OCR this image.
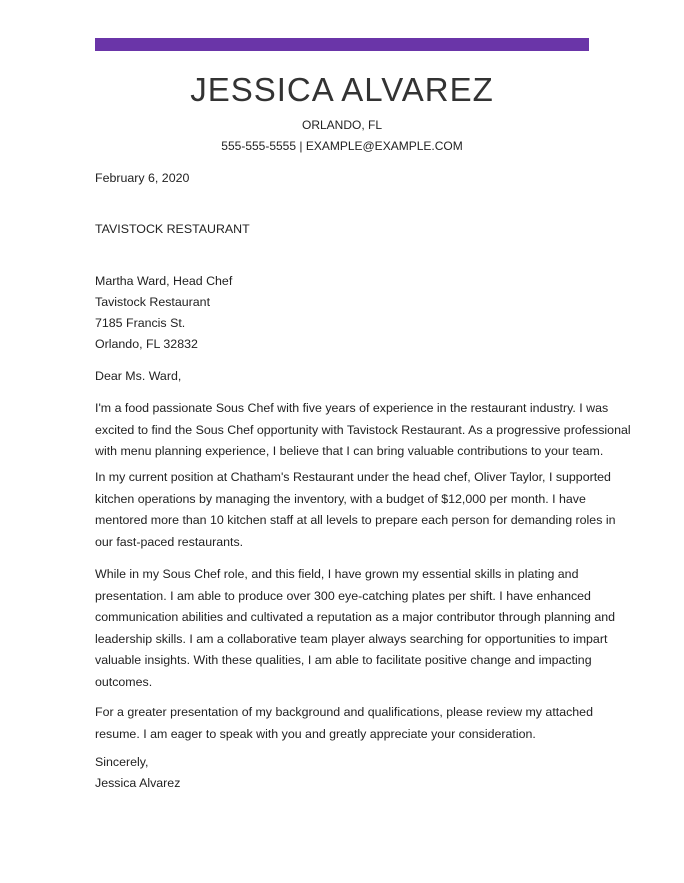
JESSICA ALVAREZ
ORLANDO, FL
555-555-5555 | EXAMPLE@EXAMPLE.COM
February 6, 2020
TAVISTOCK RESTAURANT
Martha Ward, Head Chef
Tavistock Restaurant
7185 Francis St.
Orlando, FL 32832
Dear Ms. Ward,
I'm a food passionate Sous Chef with five years of experience in the restaurant industry. I was
excited to find the Sous Chef opportunity with Tavistock Restaurant. As a progressive professional
with menu planning experience, I believe that I can bring valuable contributions to your team.
In my current position at Chatham's Restaurant under the head chef, Oliver Taylor, I supported
kitchen operations by managing the inventory, with a budget of $12,000 per month. I have
mentored more than 10 kitchen staff at all levels to prepare each person for demanding roles in
our fast-paced restaurants.
While in my Sous Chef role, and this field, I have grown my essential skills in plating and
presentation. I am able to produce over 300 eye-catching plates per shift. I have enhanced
communication abilities and cultivated a reputation as a major contributor through planning and
leadership skills. I am a collaborative team player always searching for opportunities to impart
valuable insights. With these qualities, I am able to facilitate positive change and impacting
outcomes.
For a greater presentation of my background and qualifications, please review my attached
resume. I am eager to speak with you and greatly appreciate your consideration.
Sincerely,
Jessica Alvarez
